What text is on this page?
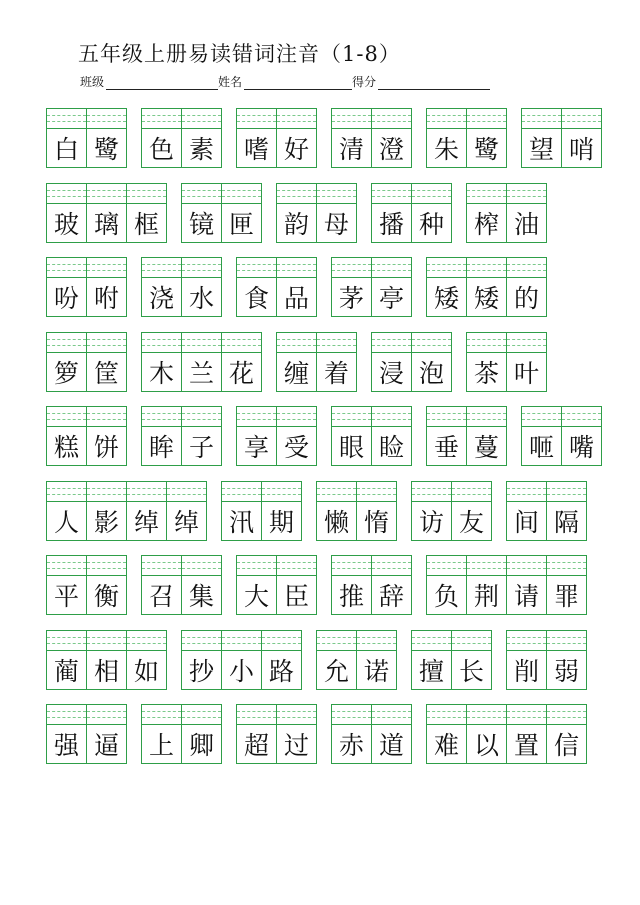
五年级上册易读错词注音（1-8）
班级	姓名	得分
白 鹭 色 素 嗜 好 清 澄 朱 鹭 望 哨
玻 璃 框 镜 匣 韵 母 播 种 榨 油
吩 咐 浇 水 食 品 茅 亭 矮 矮 的
箩 筐 木 兰 花 缠 着 浸 泡 茶 叶
糕 饼 眸 子 享 受 眼 睑 垂 蔓 咂 嘴
人 影 绰 绰 汛 期 懒 惰 访 友 间 隔
平 衡 召 集 大 臣 推 辞 负 荆 请 罪
蔺 相 如 抄 小 路 允 诺 擅 长 削 弱
强 逼 上 卿 超 过 赤 道 难 以 置 信
